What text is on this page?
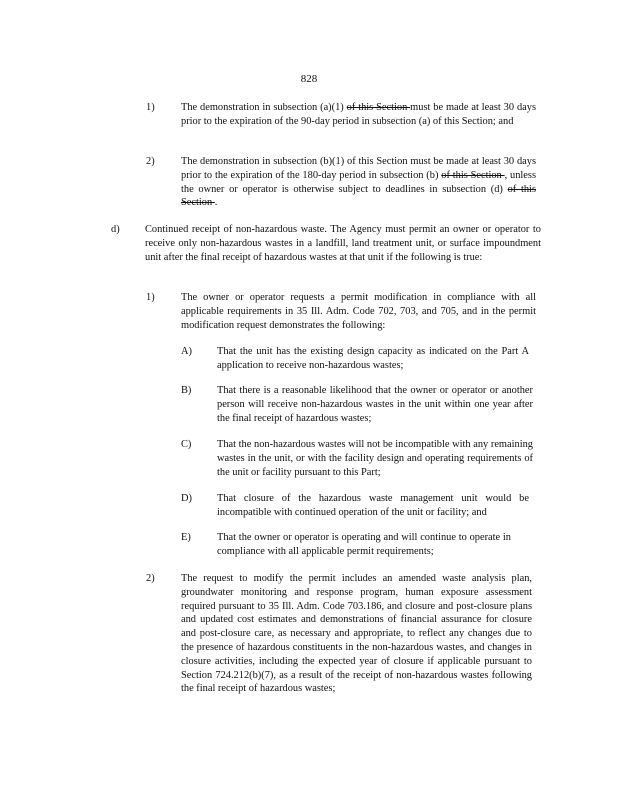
828
1)	The demonstration in subsection (a)(1) of this Section must be made at least 30 days prior to the expiration of the 90-day period in subsection (a) of this Section; and
2)	The demonstration in subsection (b)(1) of this Section must be made at least 30 days prior to the expiration of the 180-day period in subsection (b) of this Section , unless the owner or operator is otherwise subject to deadlines in subsection (d) of this Section .
d) Continued receipt of non-hazardous waste. The Agency must permit an owner or operator to receive only non-hazardous wastes in a landfill, land treatment unit, or surface impoundment unit after the final receipt of hazardous wastes at that unit if the following is true:
1)	The owner or operator requests a permit modification in compliance with all applicable requirements in 35 Ill. Adm. Code 702, 703, and 705, and in the permit modification request demonstrates the following:
A) That the unit has the existing design capacity as indicated on the Part A application to receive non-hazardous wastes;
B) That there is a reasonable likelihood that the owner or operator or another person will receive non-hazardous wastes in the unit within one year after the final receipt of hazardous wastes;
C) That the non-hazardous wastes will not be incompatible with any remaining wastes in the unit, or with the facility design and operating requirements of the unit or facility pursuant to this Part;
D) That closure of the hazardous waste management unit would be incompatible with continued operation of the unit or facility; and
E)	That the owner or operator is operating and will continue to operate in compliance with all applicable permit requirements;
2)	The request to modify the permit includes an amended waste analysis plan, groundwater monitoring and response program, human exposure assessment required pursuant to 35 Ill. Adm. Code 703.186, and closure and post-closure plans and updated cost estimates and demonstrations of financial assurance for closure and post-closure care, as necessary and appropriate, to reflect any changes due to the presence of hazardous constituents in the non-hazardous wastes, and changes in closure activities, including the expected year of closure if applicable pursuant to Section 724.212(b)(7), as a result of the receipt of non-hazardous wastes following the final receipt of hazardous wastes;
